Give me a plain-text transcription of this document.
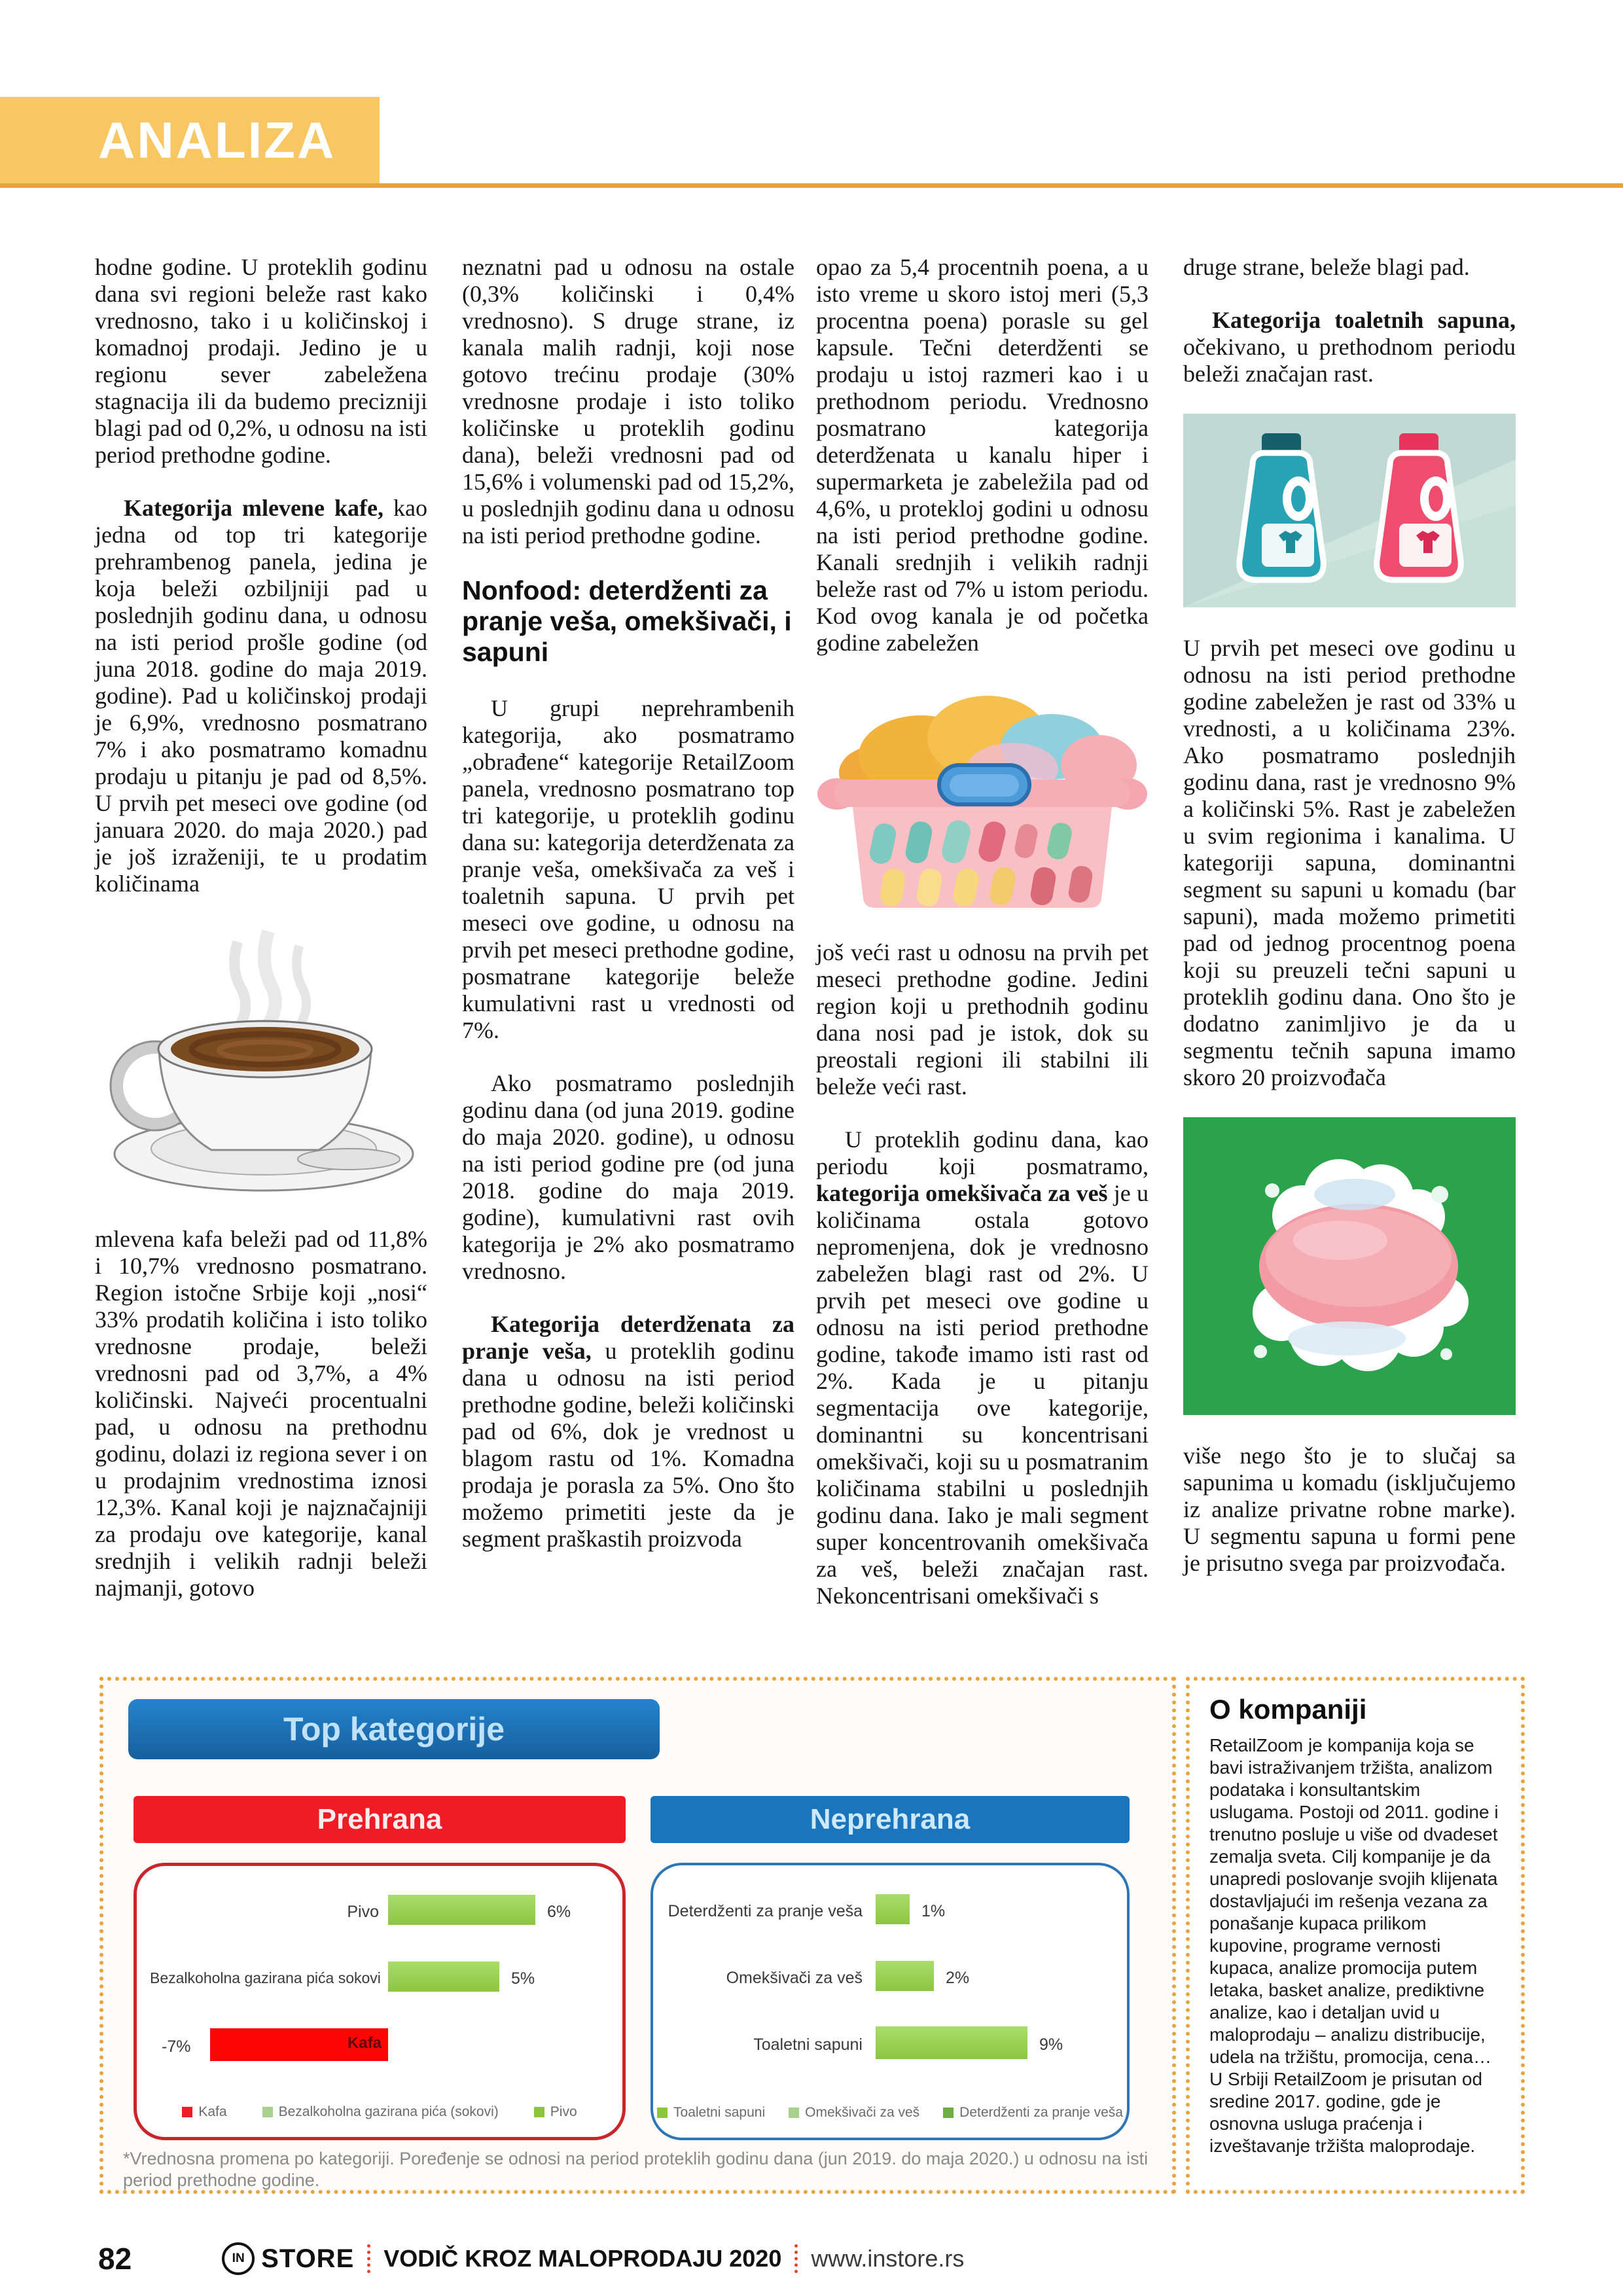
ANALIZA

hodne godine. U proteklih godinu dana svi regioni beleže rast kako vrednosno, tako i u količinskoj i komadnoj prodaji. Jedino je u regionu sever zabeležena stagnacija ili da budemo precizniji blagi pad od 0,2%, u odnosu na isti period prethodne godine.

Kategorija mlevene kafe, kao jedna od top tri kategorije prehrambenog panela, jedina je koja beleži ozbiljniji pad u poslednjih godinu dana, u odnosu na isti period prošle godine (od juna 2018. godine do maja 2019. godine). Pad u količinskoj prodaji je 6,9%, vrednosno posmatrano 7% i ako posmatramo komadnu prodaju u pitanju je pad od 8,5%. U prvih pet meseci ove godine (od januara 2020. do maja 2020.) pad je još izraženiji, te u prodatim količinama

mlevena kafa beleži pad od 11,8% i 10,7% vrednosno posmatrano. Region istočne Srbije koji „nosi“ 33% prodatih količina i isto toliko vrednosne prodaje, beleži vrednosni pad od 3,7%, a 4% količinski. Najveći procentualni pad, u odnosu na prethodnu godinu, dolazi iz regiona sever i on u prodajnim vrednostima iznosi 12,3%. Kanal koji je najznačajniji za prodaju ove kategorije, kanal srednjih i velikih radnji beleži najmanji, gotovo

neznatni pad u odnosu na ostale (0,3% količinski i 0,4% vrednosno). S druge strane, iz kanala malih radnji, koji nose gotovo trećinu prodaje (30% vrednosne prodaje i isto toliko količinske u proteklih godinu dana), beleži vrednosni pad od 15,6% i volumenski pad od 15,2%, u poslednjih godinu dana u odnosu na isti period prethodne godine.

Nonfood: deterdženti za pranje veša, omekšivači, i sapuni

U grupi neprehrambenih kategorija, ako posmatramo „obrađene“ kategorije RetailZoom panela, vrednosno posmatrano top tri kategorije, u proteklih godinu dana su: kategorija deterdženata za pranje veša, omekšivača za veš i toaletnih sapuna. U prvih pet meseci ove godine, u odnosu na prvih pet meseci prethodne godine, posmatrane kategorije beleže kumulativni rast u vrednosti od 7%.

Ako posmatramo poslednjih godinu dana (od juna 2019. godine do maja 2020. godine), u odnosu na isti period godine pre (od juna 2018. godine do maja 2019. godine), kumulativni rast ovih kategorija je 2% ako posmatramo vrednosno.

Kategorija deterdženata za pranje veša, u proteklih godinu dana u odnosu na isti period prethodne godine, beleži količinski pad od 6%, dok je vrednost u blagom rastu od 1%. Komadna prodaja je porasla za 5%. Ono što možemo primetiti jeste da je segment praškastih proizvoda

opao za 5,4 procentnih poena, a u isto vreme u skoro istoj meri (5,3 procentna poena) porasle su gel kapsule. Tečni deterdženti se prodaju u istoj razmeri kao i u prethodnom periodu. Vrednosno posmatrano kategorija deterdženata u kanalu hiper i supermarketa je zabeležila pad od 4,6%, u protekloj godini u odnosu na isti period prethodne godine. Kanali srednjih i velikih radnji beleže rast od 7% u istom periodu. Kod ovog kanala je od početka godine zabeležen

još veći rast u odnosu na prvih pet meseci prethodne godine. Jedini region koji u prethodnih godinu dana nosi pad je istok, dok su preostali regioni ili stabilni ili beleže veći rast.

U proteklih godinu dana, kao periodu koji posmatramo, kategorija omekšivača za veš je u količinama ostala gotovo nepromenjena, dok je vrednosno zabeležen blagi rast od 2%. U prvih pet meseci ove godine u odnosu na isti period prethodne godine, takođe imamo isti rast od 2%. Kada je u pitanju segmentacija ove kategorije, dominantni su koncentrisani omekšivači, koji su u posmatranim količinama stabilni u poslednjih godinu dana. Iako je mali segment super koncentrovanih omekšivača za veš, beleži značajan rast. Nekoncentrisani omekšivači s

druge strane, beleže blagi pad.

Kategorija toaletnih sapuna, očekivano, u prethodnom periodu beleži značajan rast.

U prvih pet meseci ove godinu u odnosu na isti period prethodne godine zabeležen je rast od 33% u vrednosti, a u količinama 23%. Ako posmatramo poslednjih godinu dana, rast je vrednosno 9% a količinski 5%. Rast je zabeležen u svim regionima i kanalima. U kategoriji sapuna, dominantni segment su sapuni u komadu (bar sapuni), mada možemo primetiti pad od jednog procentnog poena koji su preuzeli tečni sapuni u proteklih godinu dana. Ono što je dodatno zanimljivo je da u segmentu tečnih sapuna imamo skoro 20 proizvođača

više nego što je to slučaj sa sapunima u komadu (isključujemo iz analize privatne robne marke). U segmentu sapuna u formi pene je prisutno svega par proizvođača.

Top kategorije
Prehrana	Neprehrana
Pivo	6%
Bezalkoholna gazirana pića sokovi	5%
-7%	Kafa
Kafa	Bezalkoholna gazirana pića (sokovi)	Pivo
Deterdženti za pranje veša	1%
Omekšivači za veš	2%
Toaletni sapuni	9%
Toaletni sapuni	Omekšivači za veš	Deterdženti za pranje veša
*Vrednosna promena po kategoriji. Poređenje se odnosi na period proteklih godinu dana (jun 2019. do maja 2020.) u odnosu na isti period prethodne godine.
O kompaniji

RetailZoom je kompanija koja se bavi istraživanjem tržišta, analizom podataka i konsultantskim uslugama. Postoji od 2011. godine i trenutno posluje u više od dvadeset zemalja sveta. Cilj kompanije je da unapredi poslovanje svojih klijenata dostavljajući im rešenja vezana za ponašanje kupaca prilikom kupovine, programe vernosti kupaca, analize promocija putem letaka, basket analize, prediktivne analize, kao i detaljan uvid u maloprodaju – analizu distribucije, udela na tržištu, promocija, cena… U Srbiji RetailZoom je prisutan od sredine 2017. godine, gde je osnovna usluga praćenja i izveštavanje tržišta maloprodaje.

82	IN STORE VODIČ KROZ MALOPRODAJU 2020 www.instore.rs
